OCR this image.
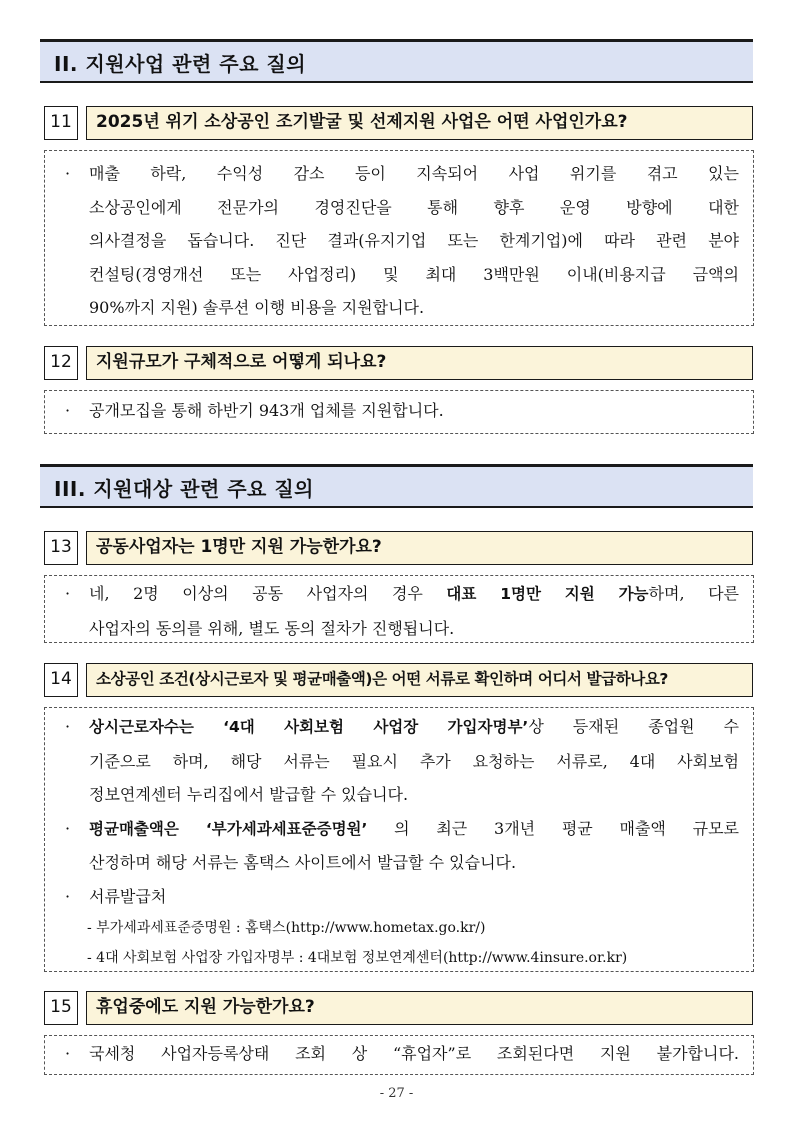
II. 지원사업 관련 주요 질의
11	2025년 위기 소상공인 조기발굴 및 선제지원 사업은 어떤 사업인가요?
· 매출 하락, 수익성 감소 등이 지속되어 사업 위기를 겪고 있는
소상공인에게 전문가의 경영진단을 통해 향후 운영 방향에 대한
의사결정을 돕습니다. 진단 결과(유지기업 또는 한계기업)에 따라 관련 분야
컨설팅(경영개선 또는 사업정리) 및 최대 3백만원 이내(비용지급 금액의
90%까지 지원) 솔루션 이행 비용을 지원합니다.
12	지원규모가 구체적으로 어떻게 되나요?
· 공개모집을 통해 하반기 943개 업체를 지원합니다.
III. 지원대상 관련 주요 질의
13	공동사업자는 1명만 지원 가능한가요?
· 네, 2명 이상의 공동 사업자의 경우 대표 1명만 지원 가능하며, 다른
사업자의 동의를 위해, 별도 동의 절차가 진행됩니다.
14	소상공인 조건(상시근로자 및 평균매출액)은 어떤 서류로 확인하며 어디서 발급하나요?
· 상시근로자수는 ‘4대 사회보험 사업장 가입자명부’상 등재된 종업원 수
기준으로 하며, 해당 서류는 필요시 추가 요청하는 서류로, 4대 사회보험
정보연계센터 누리집에서 발급할 수 있습니다.
· 평균매출액은 ‘부가세과세표준증명원’ 의 최근 3개년 평균 매출액 규모로
산정하며 해당 서류는 홈택스 사이트에서 발급할 수 있습니다.
· 서류발급처
- 부가세과세표준증명원 : 홈택스(http://www.hometax.go.kr/)
- 4대 사회보험 사업장 가입자명부 : 4대보험 정보연계센터(http://www.4insure.or.kr)
15	휴업중에도 지원 가능한가요?
· 국세청 사업자등록상태 조회 상 “휴업자”로 조회된다면 지원 불가합니다.
- 27 -
